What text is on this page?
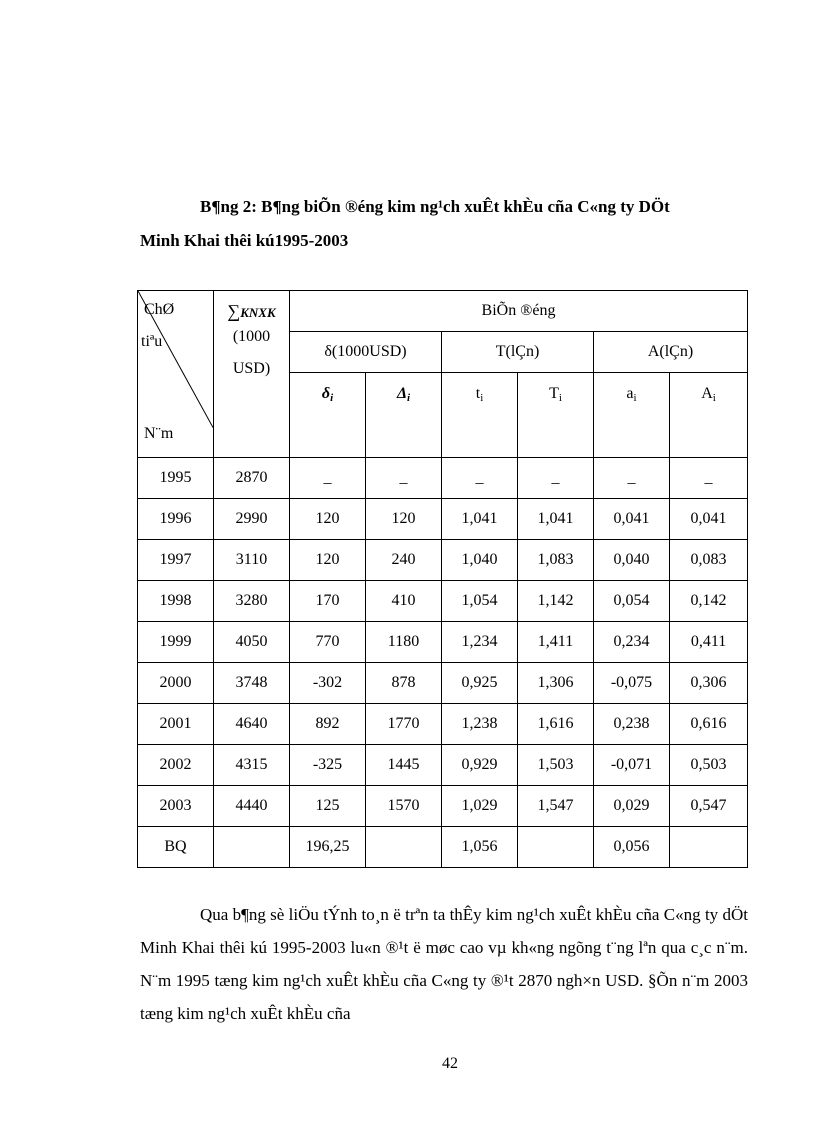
B¶ng 2: B¶ng biÕn ®éng kim ng¹ch xuÊt khÈu cña C«ng ty DÖt
Minh Khai thêi kú1995-2003
ChØ
tiªu
N¨m	∑KNXK
(1000
USD)	BiÕn ®éng					
		δ(1000USD)		T(lÇn)		A(lÇn)	
		$\delta_i$	$\Delta_i$	$t_i$	$T_i$	$a_i$	$A_i$
1995	2870	_	_	_	_	_	_
1996	2990	120	120	1,041	1,041	0,041	0,041
1997	3110	120	240	1,040	1,083	0,040	0,083
1998	3280	170	410	1,054	1,142	0,054	0,142
1999	4050	770	1180	1,234	1,411	0,234	0,411
2000	3748	-302	878	0,925	1,306	-0,075	0,306
2001	4640	892	1770	1,238	1,616	0,238	0,616
2002	4315	-325	1445	0,929	1,503	-0,071	0,503
2003	4440	125	1570	1,029	1,547	0,029	0,547
BQ		196,25		1,056		0,056	
Qua b¶ng sè liÖu tÝnh to¸n ë trªn ta thÊy kim ng¹ch xuÊt khÈu cña C«ng ty dÖt Minh Khai thêi kú 1995-2003 lu«n ®¹t ë møc cao vµ kh«ng ngõng t¨ng lªn qua c¸c n¨m. N¨m 1995 tæng kim ng¹ch xuÊt khÈu cña C«ng ty ®¹t 2870 ngh×n USD. §Õn n¨m 2003 tæng kim ng¹ch xuÊt khÈu cña
42
